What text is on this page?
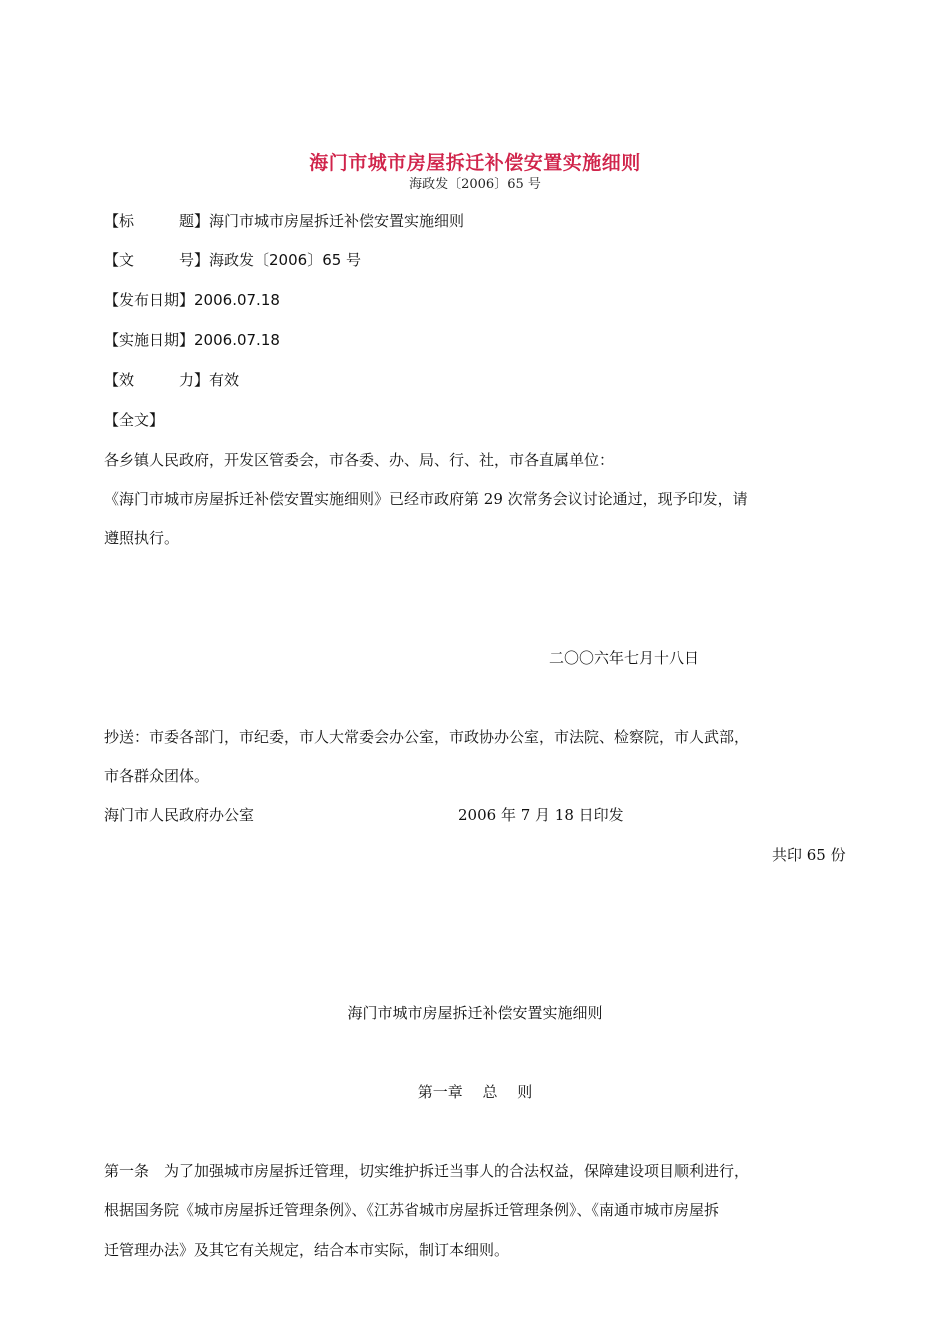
海门市城市房屋拆迁补偿安置实施细则
海政发〔2006〕65 号
【标　　　题】海门市城市房屋拆迁补偿安置实施细则
【文　　　号】海政发〔2006〕65 号
【发布日期】2006.07.18
【实施日期】2006.07.18
【效　　　力】有效
【全文】
各乡镇人民政府，开发区管委会，市各委、办、局、行、社，市各直属单位：
《海门市城市房屋拆迁补偿安置实施细则》已经市政府第 29 次常务会议讨论通过，现予印发，请
遵照执行。
二〇〇六年七月十八日
抄送：市委各部门，市纪委，市人大常委会办公室，市政协办公室，市法院、检察院，市人武部，
市各群众团体。
海门市人民政府办公室	2006 年 7 月 18 日印发
共印 65 份
海门市城市房屋拆迁补偿安置实施细则
第一章　 总　 则
第一条　为了加强城市房屋拆迁管理，切实维护拆迁当事人的合法权益，保障建设项目顺利进行，
根据国务院《城市房屋拆迁管理条例》、《江苏省城市房屋拆迁管理条例》、《南通市城市房屋拆
迁管理办法》及其它有关规定，结合本市实际，制订本细则。
